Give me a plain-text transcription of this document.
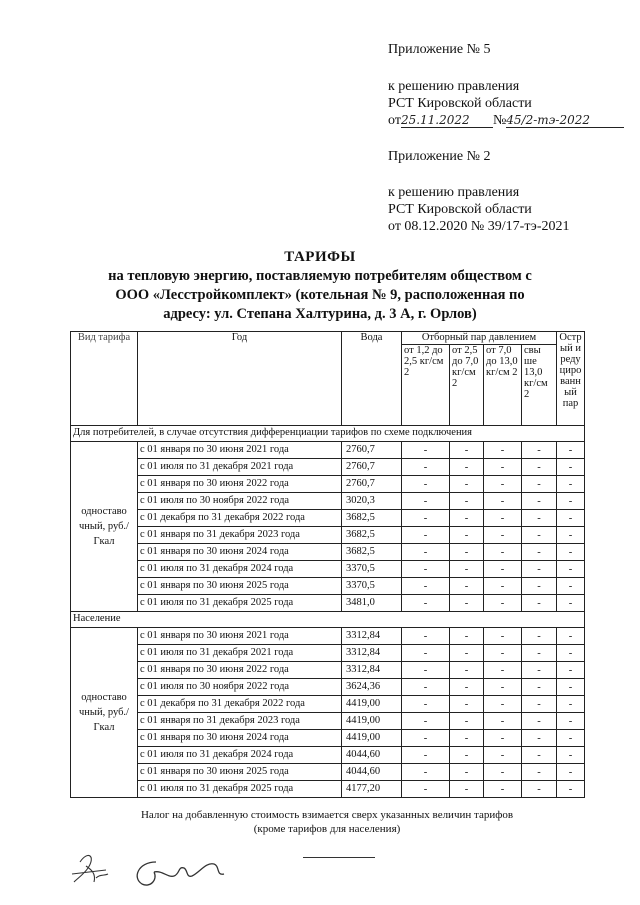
Приложение № 5
к решению правления
РСТ Кировской области
от25.11.2022 №45/2-тэ-2022
Приложение № 2
к решению правления
РСТ Кировской области
от 08.12.2020 № 39/17-тэ-2021
ТАРИФЫ
на тепловую энергию, поставляемую потребителям обществом с
ООО «Лесстройкомплект» (котельная № 9, расположенная по
адресу: ул. Степана Халтурина, д. 3 А, г. Орлов)
Вид тарифа	Год	Вода	Отборный пар давлением				Остр ый и реду циро ванн ый пар
			от 1,2 до 2,5 кг/см 2	от 2,5 до 7,0 кг/см 2	от 7,0 до 13,0 кг/см 2	свы ше 13,0 кг/см 2	
Для потребителей, в случае отсутствия дифференциации тарифов по схеме подключения							
одноставо чный, руб./Гкал	с 01 января по 30 июня 2021 года	2760,7	-	-	-	-	-
	с 01 июля по 31 декабря 2021 года	2760,7	-	-	-	-	-
	с 01 января по 30 июня 2022 года	2760,7	-	-	-	-	-
	с 01 июля по 30 ноября 2022 года	3020,3	-	-	-	-	-
	с 01 декабря по 31 декабря 2022 года	3682,5	-	-	-	-	-
	с 01 января по 31 декабря 2023 года	3682,5	-	-	-	-	-
	с 01 января по 30 июня 2024 года	3682,5	-	-	-	-	-
	с 01 июля по 31 декабря 2024 года	3370,5	-	-	-	-	-
	с 01 января по 30 июня 2025 года	3370,5	-	-	-	-	-
	с 01 июля по 31 декабря 2025 года	3481,0	-	-	-	-	-
Население							
одноставо чный, руб./Гкал	с 01 января по 30 июня 2021 года	3312,84	-	-	-	-	-
	с 01 июля по 31 декабря 2021 года	3312,84	-	-	-	-	-
	с 01 января по 30 июня 2022 года	3312,84	-	-	-	-	-
	с 01 июля по 30 ноября 2022 года	3624,36	-	-	-	-	-
	с 01 декабря по 31 декабря 2022 года	4419,00	-	-	-	-	-
	с 01 января по 31 декабря 2023 года	4419,00	-	-	-	-	-
	с 01 января по 30 июня 2024 года	4419,00	-	-	-	-	-
	с 01 июля по 31 декабря 2024 года	4044,60	-	-	-	-	-
	с 01 января по 30 июня 2025 года	4044,60	-	-	-	-	-
	с 01 июля по 31 декабря 2025 года	4177,20	-	-	-	-	-
Налог на добавленную стоимость взимается сверх указанных величин тарифов
(кроме тарифов для населения)
